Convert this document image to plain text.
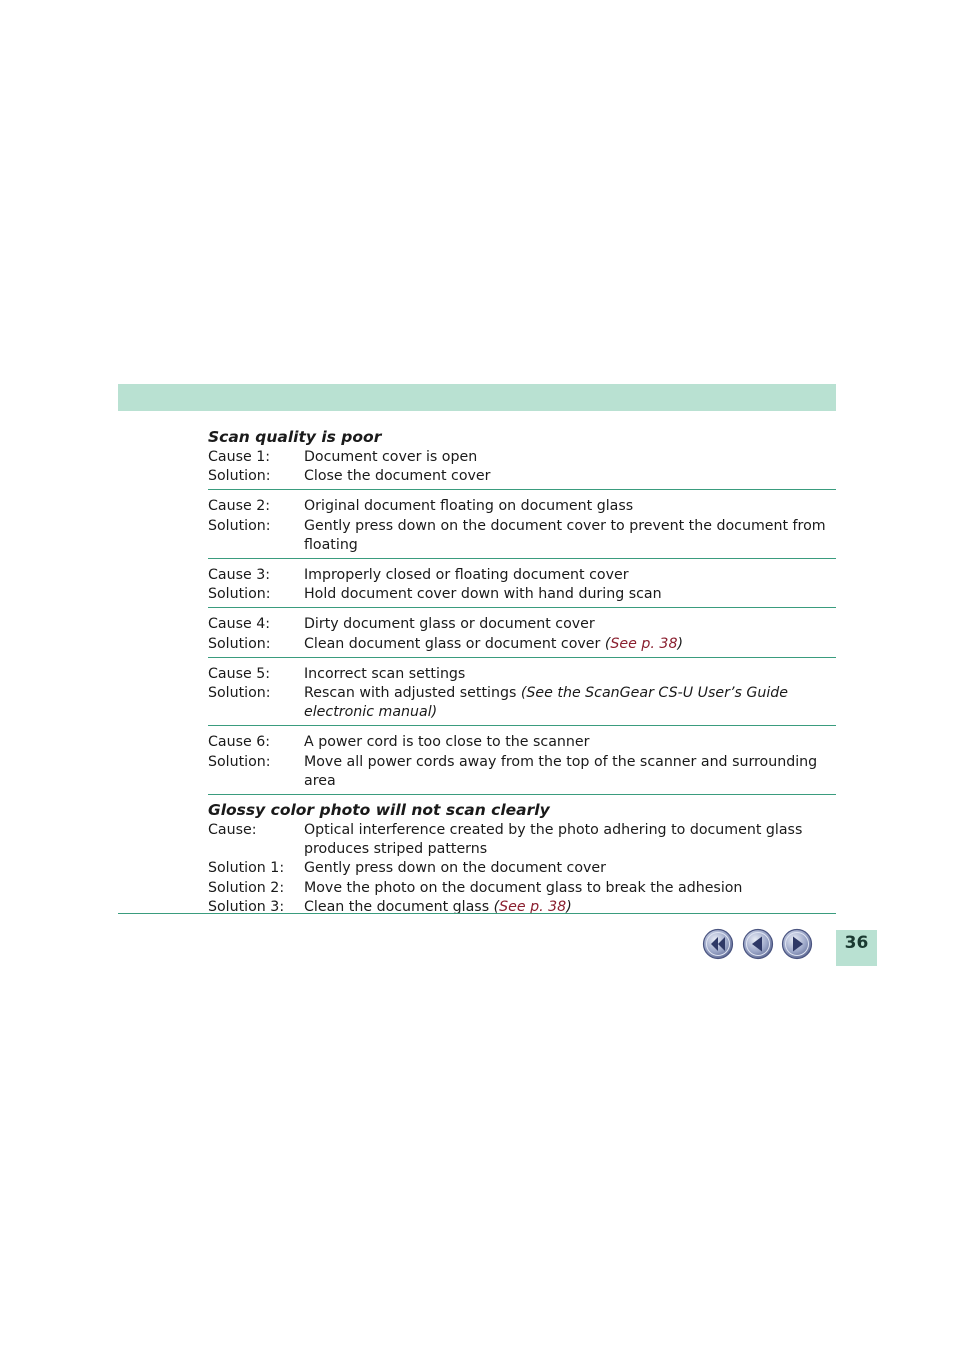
Scan quality is poor
Cause 1:	Document cover is open
Solution:	Close the document cover
Cause 2:	Original document floating on document glass
Solution:	Gently press down on the document cover to prevent the document from floating
Cause 3:	Improperly closed or floating document cover
Solution:	Hold document cover down with hand during scan
Cause 4:	Dirty document glass or document cover
Solution:	Clean document glass or document cover (See p. 38)
Cause 5:	Incorrect scan settings
Solution:	Rescan with adjusted settings (See the ScanGear CS-U User’s Guide electronic manual)
Cause 6:	A power cord is too close to the scanner
Solution:	Move all power cords away from the top of the scanner and surrounding area
Glossy color photo will not scan clearly
Cause:	Optical interference created by the photo adhering to document glass produces striped patterns
Solution 1:	Gently press down on the document cover
Solution 2:	Move the photo on the document glass to break the adhesion
Solution 3:	Clean the document glass (See p. 38)
36
